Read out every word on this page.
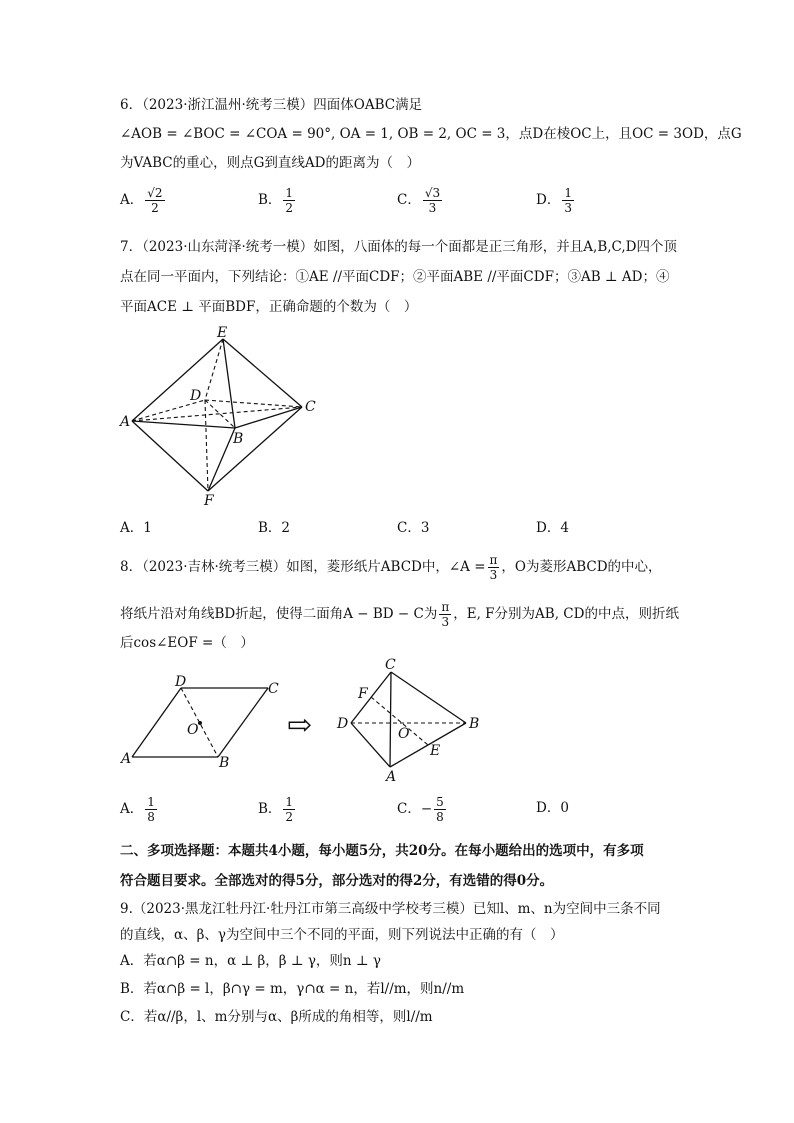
6．（2023·浙江温州·统考三模）四面体OABC满足
∠AOB = ∠BOC = ∠COA = 90°, OA = 1, OB = 2, OC = 3，点D在棱OC上，且OC = 3OD，点G
为VABC的重心，则点G到直线AD的距离为（　）
A． $\frac{√2}{2}$	B． $\frac{1}{2}$	C． $\frac{√3}{3}$	D． $\frac{1}{3}$
7．（2023·山东菏泽·统考一模）如图，八面体的每一个面都是正三角形，并且A,B,C,D四个顶
点在同一平面内，下列结论：①AE //平面CDF；②平面ABE //平面CDF；③AB ⊥ AD；④
平面ACE ⊥ 平面BDF，正确命题的个数为（　）
E
D
C
A
B
F
A．1	B．2	C．3	D．4
8．（2023·吉林·统考三模）如图，菱形纸片ABCD中，∠A = $\frac{\pi}{3}$ ，O为菱形ABCD的中心，
将纸片沿对角线BD折起，使得二面角A − BD − C为 $\frac{\pi}{3}$ ，E, F分别为AB, CD的中点，则折纸
后cos∠EOF =（　）
D	C
A	B
O	⇨
C
F
D
O
B
E
A
A． $\frac{1}{8}$	B． $\frac{1}{2}$	C．− $\frac{5}{8}$	D．0
二、多项选择题：本题共4小题，每小题5分，共20分。在每小题给出的选项中，有多项
符合题目要求。全部选对的得5分，部分选对的得2分，有选错的得0分。
9.（2023·黑龙江牡丹江·牡丹江市第三高级中学校考三模）已知l、m、n为空间中三条不同
的直线，α、β、γ为空间中三个不同的平面，则下列说法中正确的有（　）
A．若α∩β = n，α ⊥ β，β ⊥ γ，则n ⊥ γ
B．若α∩β = l，β∩γ = m，γ∩α = n，若l//m，则n//m
C．若α//β，l、m分别与α、β所成的角相等，则l//m
